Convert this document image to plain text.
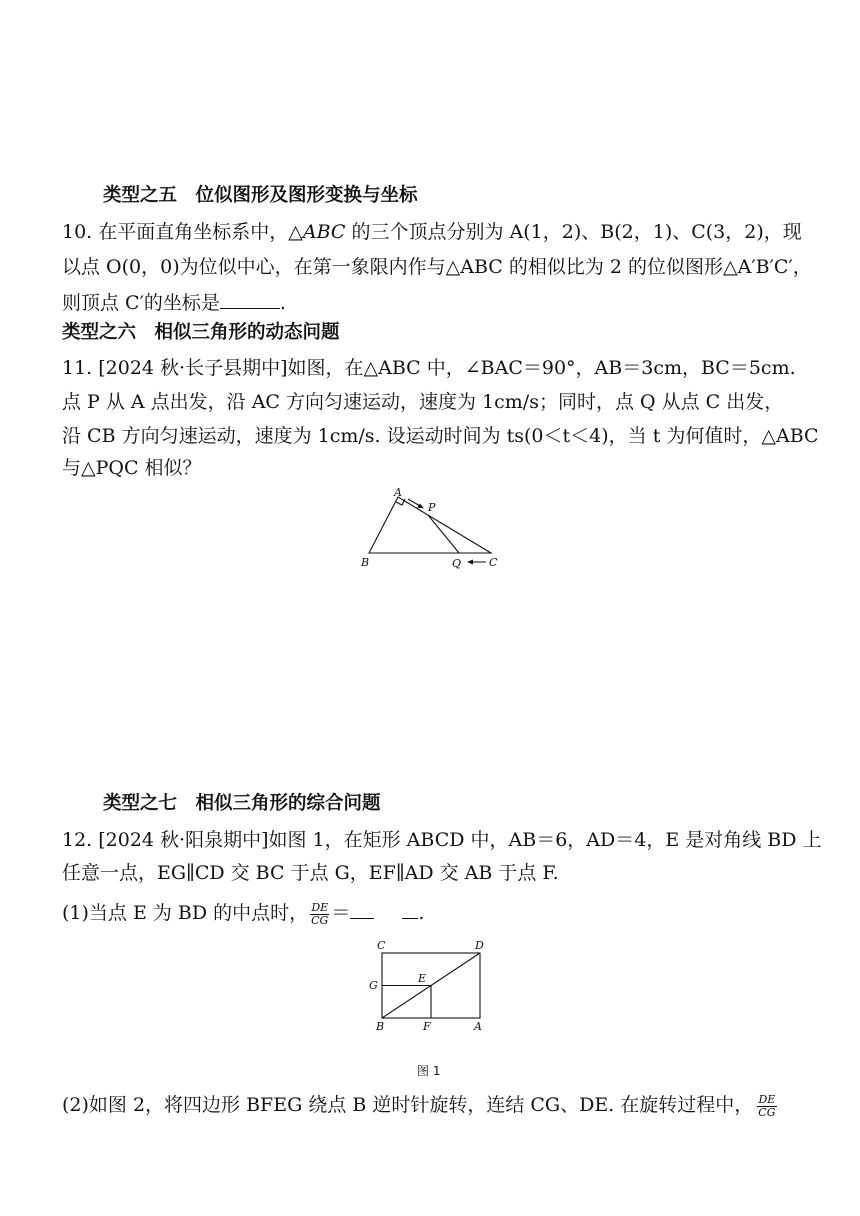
类型之五　位似图形及图形变换与坐标
10. 在平面直角坐标系中，△ABC 的三个顶点分别为 A(1，2)、B(2，1)、C(3，2)，现
以点 O(0，0)为位似中心，在第一象限内作与△ABC 的相似比为 2 的位似图形△A′B′C′，
则顶点 C′的坐标是	.
类型之六　相似三角形的动态问题
11. [2024 秋·长子县期中]如图，在△ABC 中，∠BAC＝90°，AB＝3cm，BC＝5cm.
点 P 从 A 点出发，沿 AC 方向匀速运动，速度为 1cm/s；同时，点 Q 从点 C 出发，
沿 CB 方向匀速运动，速度为 1cm/s. 设运动时间为 ts(0＜t＜4)，当 t 为何值时，△ABC
与△PQC 相似？
A
P
B	Q	C
类型之七　相似三角形的综合问题
12. [2024 秋·阳泉期中]如图 1，在矩形 ABCD 中，AB＝6，AD＝4，E 是对角线 BD 上
任意一点，EG∥CD 交 BC 于点 G，EF∥AD 交 AB 于点 F.
(1)当点 E 为 BD 的中点时， $\frac{DE}{CG}$ ＝	.
C	D
G
E
B	F	A
图 1
(2)如图 2，将四边形 BFEG 绕点 B 逆时针旋转，连结 CG、DE. 在旋转过程中， $\frac{DE}{CG}$
